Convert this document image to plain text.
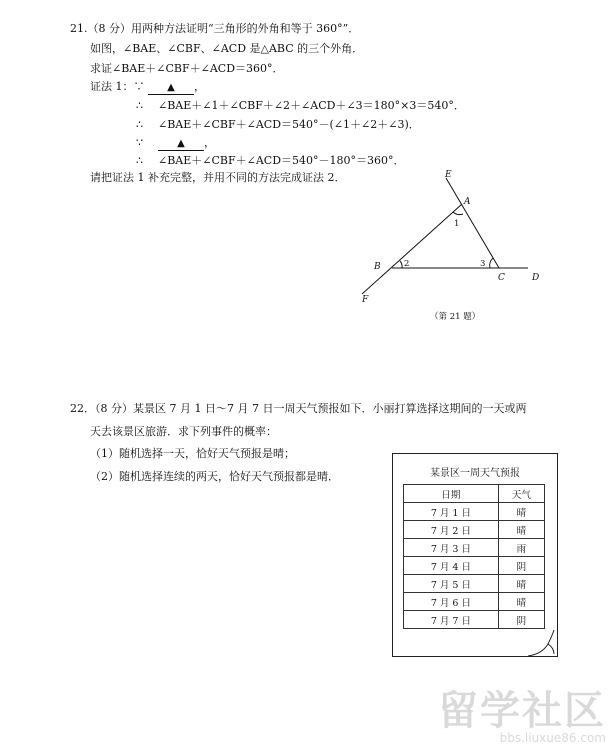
21.（8 分）用两种方法证明“三角形的外角和等于 360°”．
如图，∠BAE、∠CBF、∠ACD 是△ABC 的三个外角．
求证∠BAE＋∠CBF＋∠ACD＝360°．
证法 1：∵ ▲ ，
∴ ∠BAE＋∠1＋∠CBF＋∠2＋∠ACD＋∠3＝180°×3＝540°．
∴ ∠BAE＋∠CBF＋∠ACD＝540°－(∠1＋∠2＋∠3)．
∵	▲ ，
∴ ∠BAE＋∠CBF＋∠ACD＝540°－180°＝360°．
请把证法 1 补充完整，并用不同的方法完成证法 2．	E
A
B
C	D
F
1
2	3
（第 21 题）
22．（8 分）某景区 7 月 1 日～7 月 7 日一周天气预报如下．小丽打算选择这期间的一天或两
天去该景区旅游．求下列事件的概率：
（1）随机选择一天，恰好天气预报是晴；
（2）随机选择连续的两天，恰好天气预报都是晴．	某景区一周天气预报
日期	天气
7 月 1 日	晴
7 月 2 日	晴
7 月 3 日	雨
7 月 4 日	阴
7 月 5 日	晴
7 月 6 日	晴
7 月 7 日	阴
留学社区
bbs.liuxue86.com
